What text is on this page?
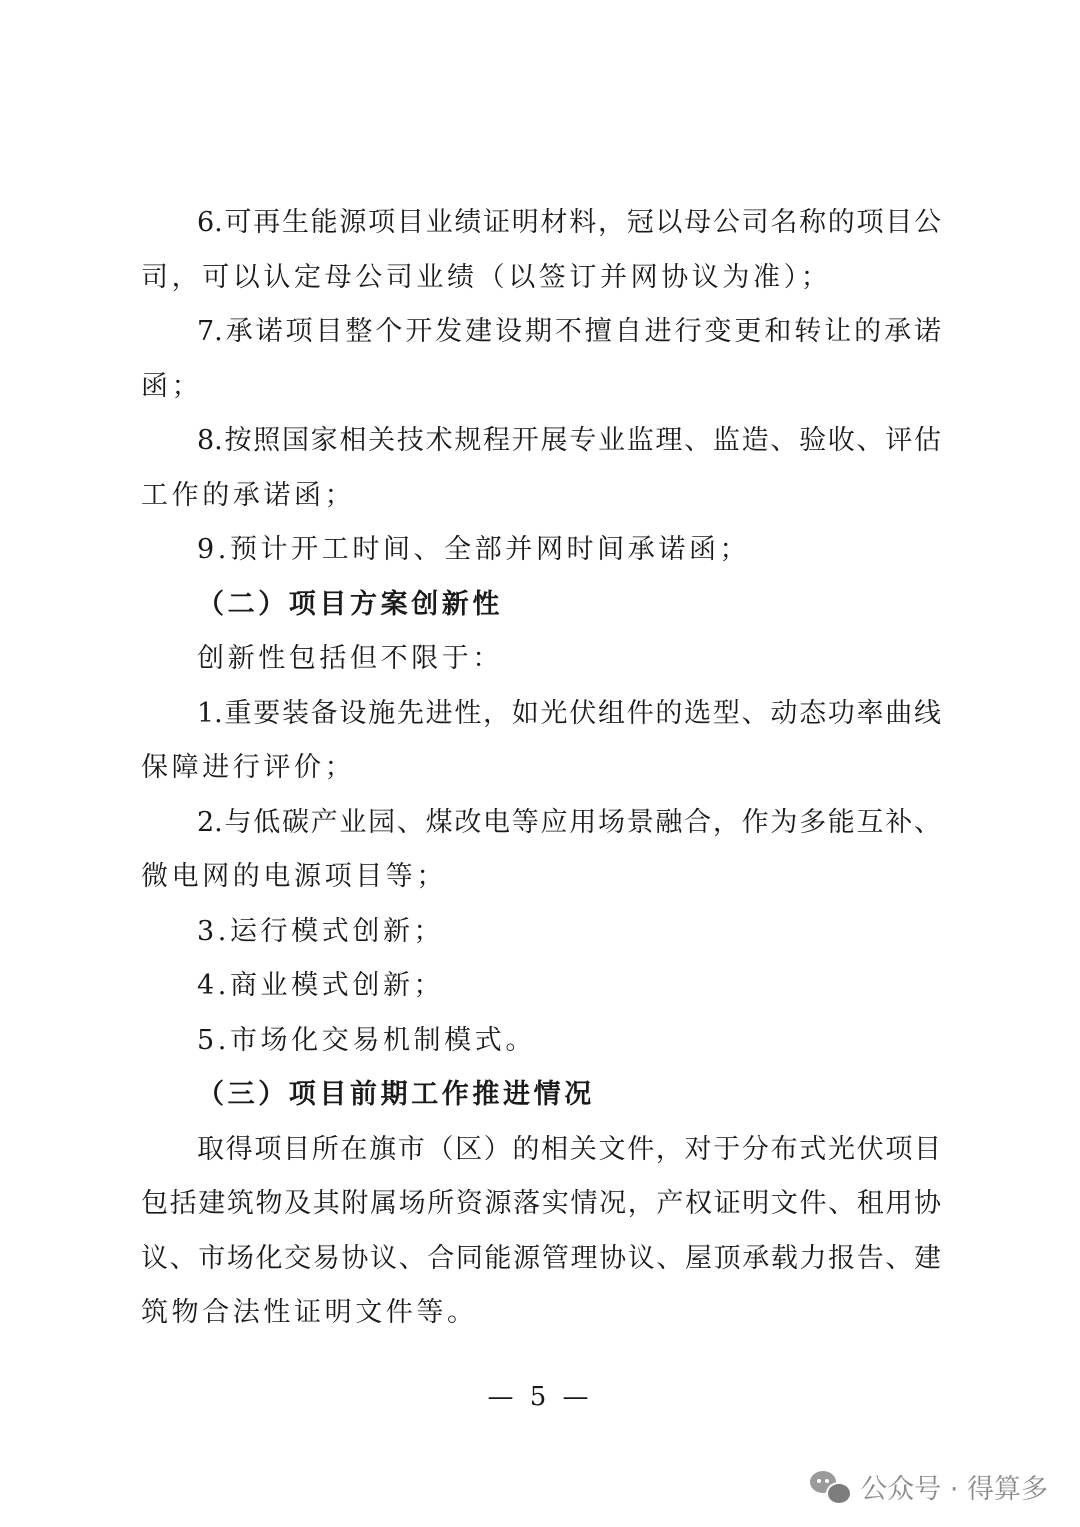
6.可再生能源项目业绩证明材料，冠以母公司名称的项目公
司，可以认定母公司业绩（以签订并网协议为准）；
7.承诺项目整个开发建设期不擅自进行变更和转让的承诺
函；
8.按照国家相关技术规程开展专业监理、监造、验收、评估
工作的承诺函；
9.预计开工时间、全部并网时间承诺函；
（二）项目方案创新性
创新性包括但不限于：
1.重要装备设施先进性，如光伏组件的选型、动态功率曲线
保障进行评价；
2.与低碳产业园、煤改电等应用场景融合，作为多能互补、
微电网的电源项目等；
3.运行模式创新；
4.商业模式创新；
5.市场化交易机制模式。
（三）项目前期工作推进情况
取得项目所在旗市（区）的相关文件，对于分布式光伏项目
包括建筑物及其附属场所资源落实情况，产权证明文件、租用协
议、市场化交易协议、合同能源管理协议、屋顶承载力报告、建
筑物合法性证明文件等。
— 5 —
公众号 · 得算多
